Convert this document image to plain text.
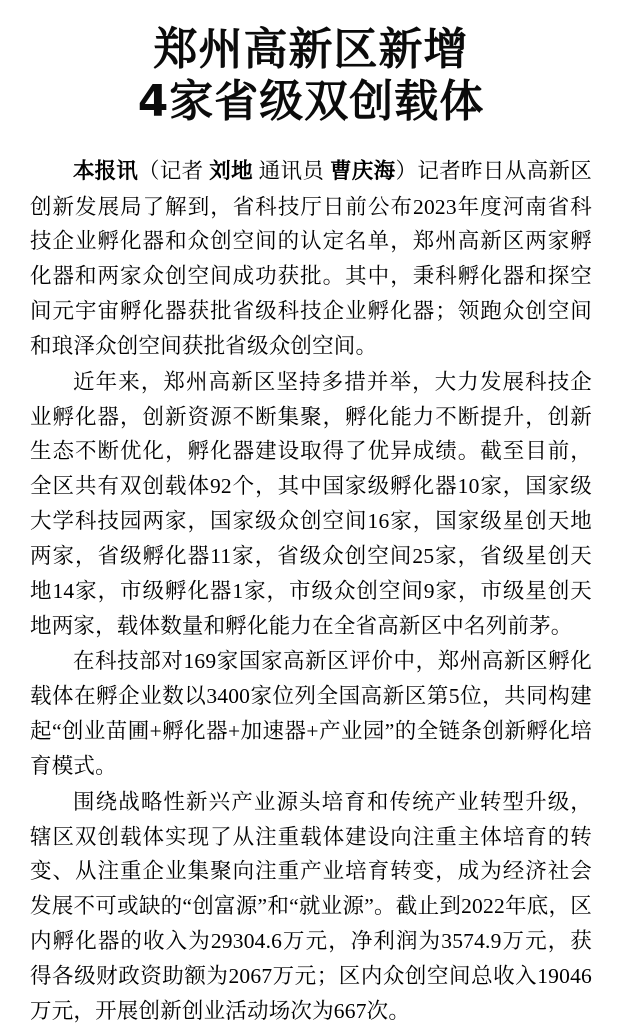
郑州高新区新增
4家省级双创载体

本报讯（记者 刘地 通讯员 曹庆海）记者昨日从高新区创新发展局了解到，省科技厅日前公布2023年度河南省科技企业孵化器和众创空间的认定名单，郑州高新区两家孵化器和两家众创空间成功获批。其中，秉科孵化器和探空间元宇宙孵化器获批省级科技企业孵化器；领跑众创空间和琅泽众创空间获批省级众创空间。

近年来，郑州高新区坚持多措并举，大力发展科技企业孵化器，创新资源不断集聚，孵化能力不断提升，创新生态不断优化，孵化器建设取得了优异成绩。截至目前，全区共有双创载体92个，其中国家级孵化器10家，国家级大学科技园两家，国家级众创空间16家，国家级星创天地两家，省级孵化器11家，省级众创空间25家，省级星创天地14家，市级孵化器1家，市级众创空间9家，市级星创天地两家，载体数量和孵化能力在全省高新区中名列前茅。

在科技部对169家国家高新区评价中，郑州高新区孵化载体在孵企业数以3400家位列全国高新区第5位，共同构建起“创业苗圃+孵化器+加速器+产业园”的全链条创新孵化培育模式。

围绕战略性新兴产业源头培育和传统产业转型升级，辖区双创载体实现了从注重载体建设向注重主体培育的转变、从注重企业集聚向注重产业培育转变，成为经济社会发展不可或缺的“创富源”和“就业源”。截止到2022年底，区内孵化器的收入为29304.6万元，净利润为3574.9万元，获得各级财政资助额为2067万元；区内众创空间总收入19046万元，开展创新创业活动场次为667次。
